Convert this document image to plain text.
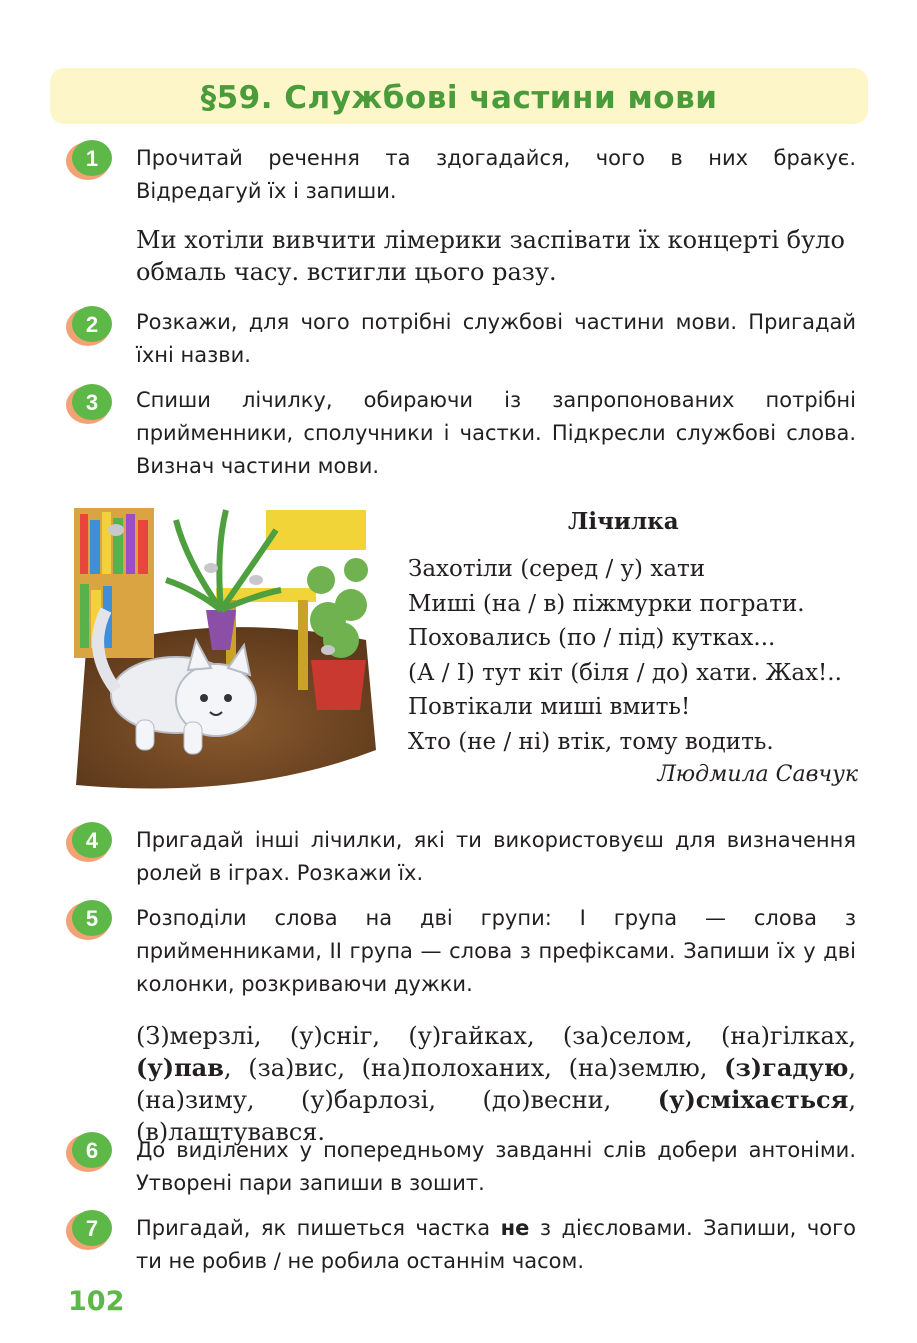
§59. Службові частини мови
1	Прочитай речення та здогадайся, чого в них бракує. Відредагуй їх і запиши.
Ми хотіли вивчити лімерики заспівати їх концерті було обмаль часу. встигли цього разу.
2	Розкажи, для чого потрібні службові частини мови. Пригадай їхні назви.
3	Спиши лічилку, обираючи із запропонованих потрібні прийменники, сполучники і частки. Підкресли службові слова. Визнач частини мови.
Лічилка
Захотіли (серед / у) хати
Миші (на / в) піжмурки пограти.
Поховались (по / під) кутках...
(А / І) тут кіт (біля / до) хати. Жах!..
Повтікали миші вмить!
Хто (не / ні) втік, тому водить.
Людмила Савчук
4	Пригадай інші лічилки, які ти використовуєш для визначення ролей в іграх. Розкажи їх.
5	Розподіли слова на дві групи: I група — слова з прийменниками, II група — слова з префіксами. Запиши їх у дві колонки, розкриваючи дужки.
(З)мерзлі, (у)сніг, (у)гайках, (за)селом, (на)гілках, (у)пав, (за)вис, (на)полоханих, (на)землю, (з)гадую, (на)зиму, (у)барлозі, (до)весни, (у)сміхається, (в)лаштувався.
6	До виділених у попередньому завданні слів добери антоніми. Утворені пари запиши в зошит.
7	Пригадай, як пишеться частка не з дієсловами. Запиши, чого ти не робив / не робила останнім часом.
102
